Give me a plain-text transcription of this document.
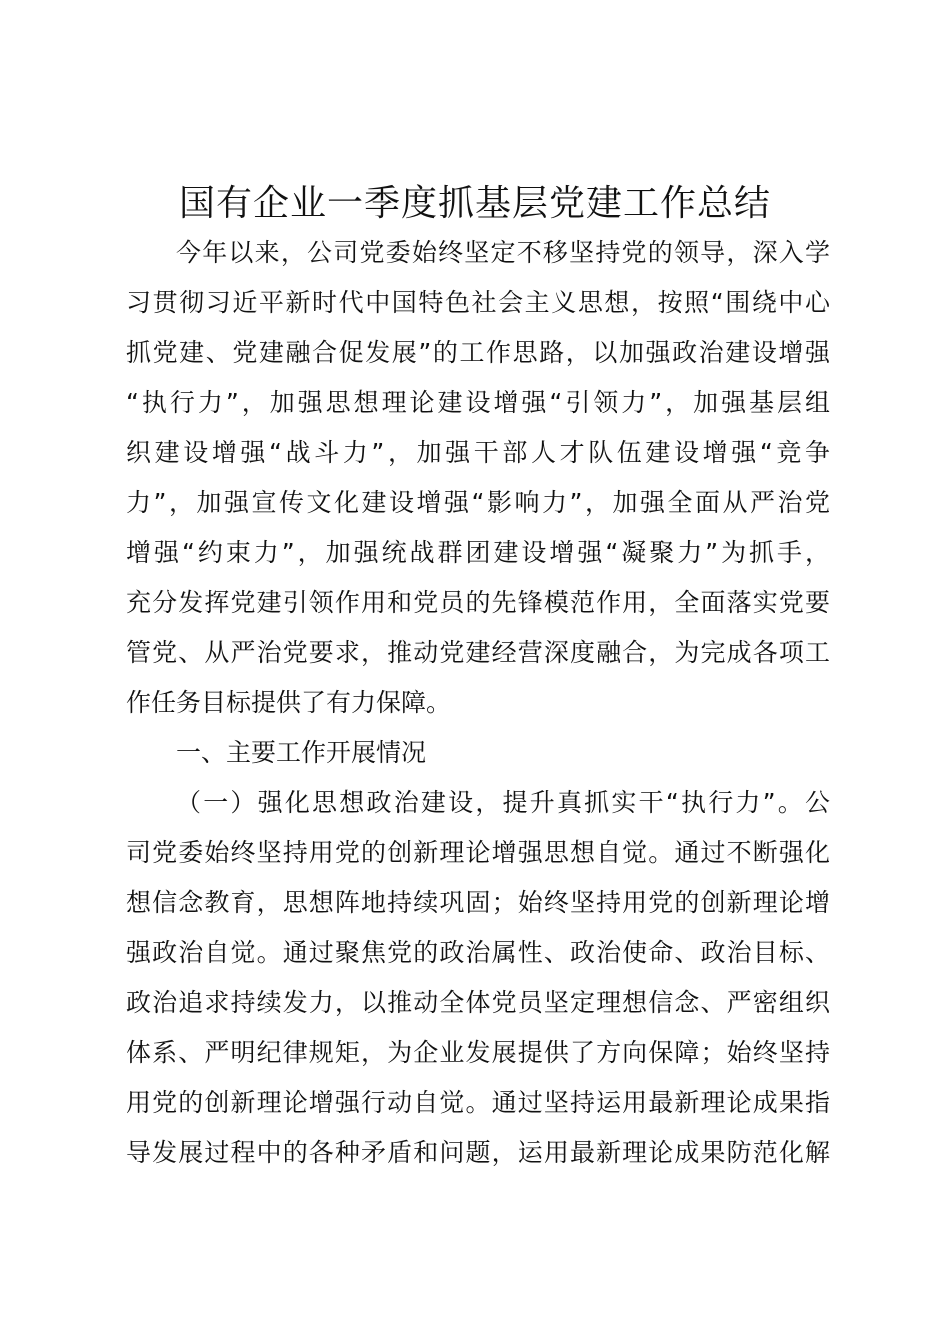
国有企业一季度抓基层党建工作总结

今年以来，公司党委始终坚定不移坚持党的领导，深入学

习贯彻习近平新时代中国特色社会主义思想，按照“围绕中心

抓党建、党建融合促发展”的工作思路，以加强政治建设增强

“执行力”，加强思想理论建设增强“引领力”，加强基层组

织建设增强“战斗力”，加强干部人才队伍建设增强“竞争

力”，加强宣传文化建设增强“影响力”，加强全面从严治党

增强“约束力”，加强统战群团建设增强“凝聚力”为抓手，

充分发挥党建引领作用和党员的先锋模范作用，全面落实党要

管党、从严治党要求，推动党建经营深度融合，为完成各项工

作任务目标提供了有力保障。

一、主要工作开展情况

（一）强化思想政治建设，提升真抓实干“执行力”。公

司党委始终坚持用党的创新理论增强思想自觉。通过不断强化

想信念教育，思想阵地持续巩固；始终坚持用党的创新理论增

强政治自觉。通过聚焦党的政治属性、政治使命、政治目标、

政治追求持续发力，以推动全体党员坚定理想信念、严密组织

体系、严明纪律规矩，为企业发展提供了方向保障；始终坚持

用党的创新理论增强行动自觉。通过坚持运用最新理论成果指

导发展过程中的各种矛盾和问题，运用最新理论成果防范化解
